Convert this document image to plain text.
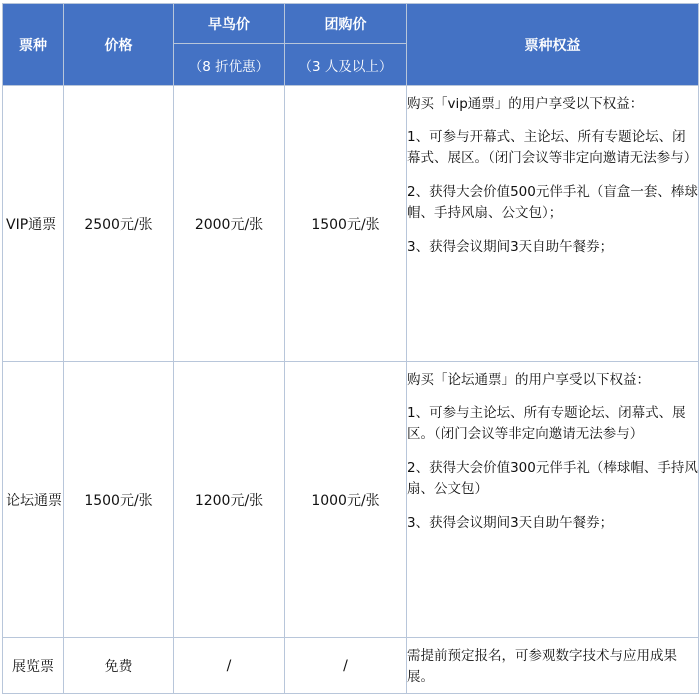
票种	价格	早鸟价	团购价	票种权益
		（8 折优惠）	（3 人及以上）	
VIP通票	2500元/张	2000元/张	1500元/张	购买「vip通票」的用户享受以下权益：
1、可参与开幕式、主论坛、所有专题论坛、闭幕式、展区。（闭门会议等非定向邀请无法参与）
2、获得大会价值500元伴手礼（盲盒一套、棒球帽、手持风扇、公文包）；
3、获得会议期间3天自助午餐券；

论坛通票	1500元/张	1200元/张	1000元/张	购买「论坛通票」的用户享受以下权益：
1、可参与主论坛、所有专题论坛、闭幕式、展区。（闭门会议等非定向邀请无法参与）
2、获得大会价值300元伴手礼（棒球帽、手持风扇、公文包）
3、获得会议期间3天自助午餐券；

展览票	免费	/	/	需提前预定报名，可参观数字技术与应用成果展。
